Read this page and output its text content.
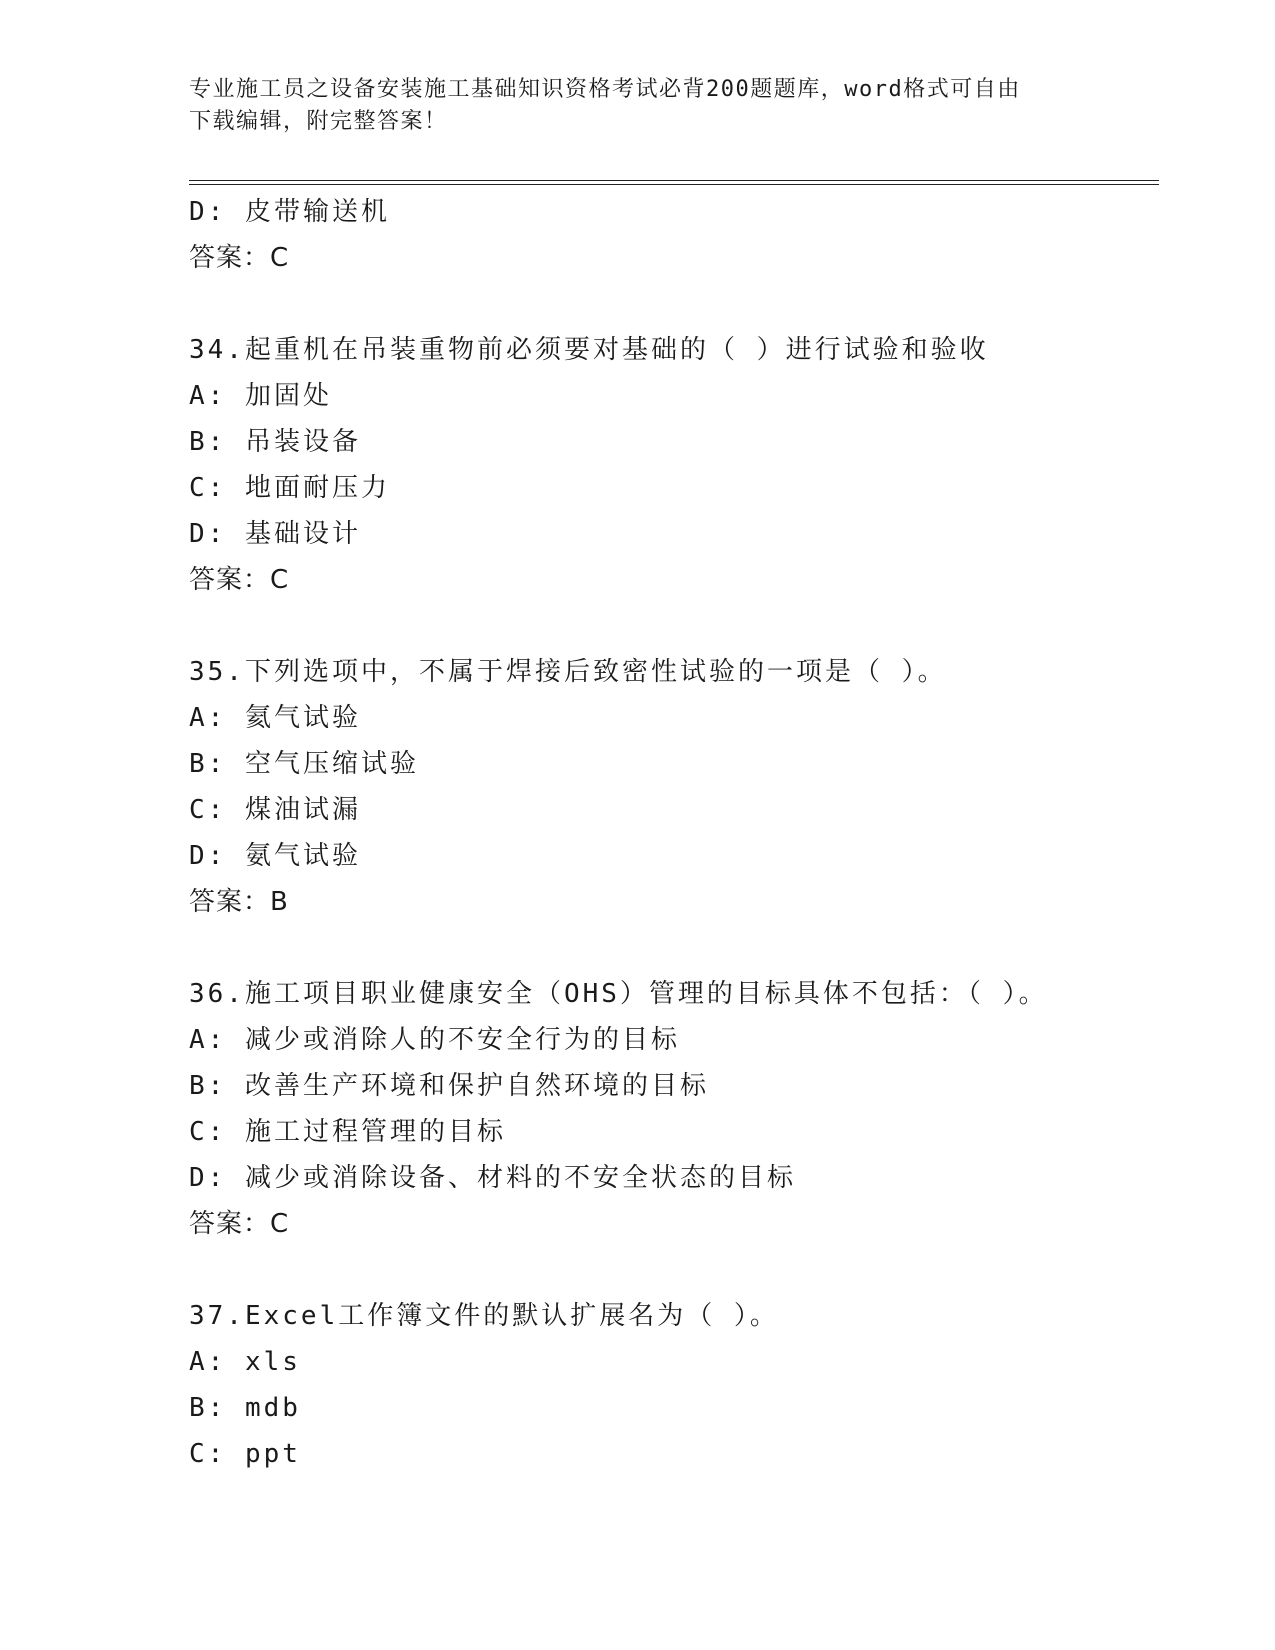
专业施工员之设备安装施工基础知识资格考试必背200题题库，word格式可自由
下载编辑，附完整答案！
D: 皮带输送机
答案：C
34.起重机在吊装重物前必须要对基础的（ ）进行试验和验收
A: 加固处
B: 吊装设备
C: 地面耐压力
D: 基础设计
答案：C
35.下列选项中，不属于焊接后致密性试验的一项是（ ）。
A: 氦气试验
B: 空气压缩试验
C: 煤油试漏
D: 氨气试验
答案：B
36.施工项目职业健康安全（OHS）管理的目标具体不包括：（ ）。
A: 减少或消除人的不安全行为的目标
B: 改善生产环境和保护自然环境的目标
C: 施工过程管理的目标
D: 减少或消除设备、材料的不安全状态的目标
答案：C
37.Excel工作簿文件的默认扩展名为（ ）。
A: xls
B: mdb
C: ppt
